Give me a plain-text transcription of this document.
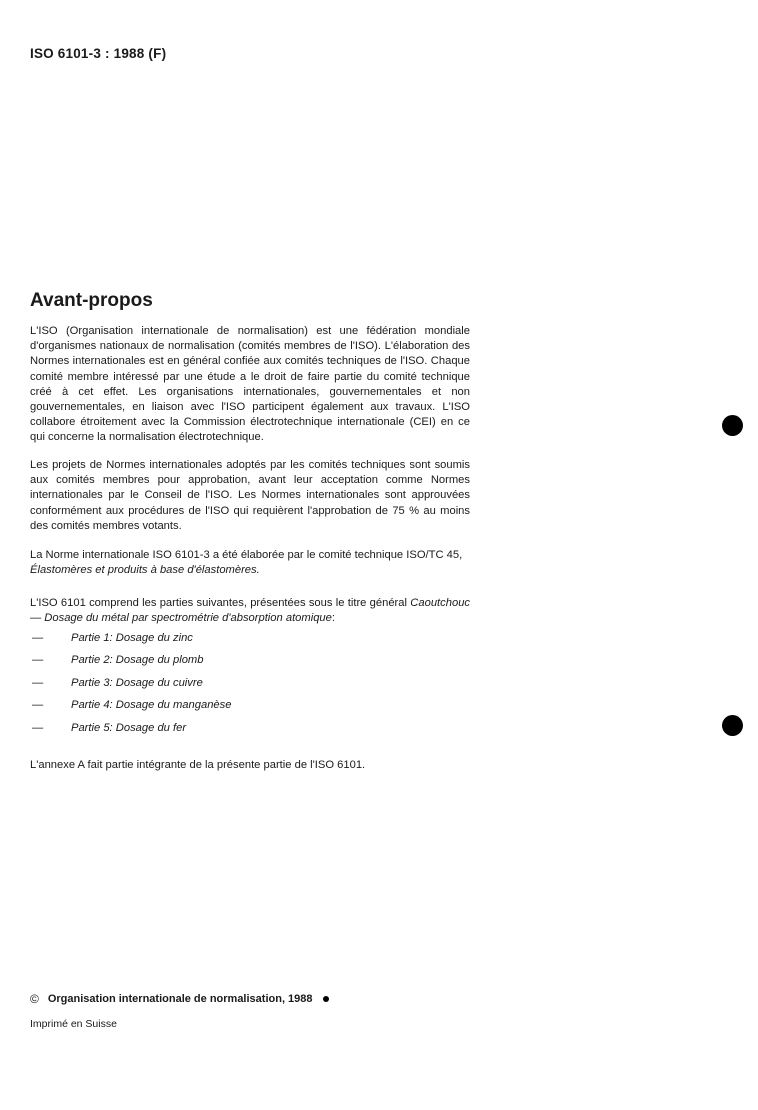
ISO 6101-3 : 1988 (F)
Avant-propos

L'ISO (Organisation internationale de normalisation) est une fédération mondiale d'organismes nationaux de normalisation (comités membres de l'ISO). L'élaboration des Normes internationales est en général confiée aux comités techniques de l'ISO. Chaque comité membre intéressé par une étude a le droit de faire partie du comité technique créé à cet effet. Les organisations internationales, gouvernementales et non gouvernementales, en liaison avec l'ISO participent également aux travaux. L'ISO collabore étroitement avec la Commission électrotechnique internationale (CEI) en ce qui concerne la normalisation électrotechnique.

Les projets de Normes internationales adoptés par les comités techniques sont soumis aux comités membres pour approbation, avant leur acceptation comme Normes internationales par le Conseil de l'ISO. Les Normes internationales sont approuvées conformément aux procédures de l'ISO qui requièrent l'approbation de 75 % au moins des comités membres votants.

La Norme internationale ISO 6101-3 a été élaborée par le comité technique ISO/TC 45,
Élastomères et produits à base d'élastomères.

L'ISO 6101 comprend les parties suivantes, présentées sous le titre général Caoutchouc — Dosage du métal par spectrométrie d'absorption atomique:

—	Partie 1: Dosage du zinc
—	Partie 2: Dosage du plomb
—	Partie 3: Dosage du cuivre
—	Partie 4: Dosage du manganèse
—	Partie 5: Dosage du fer

L'annexe A fait partie intégrante de la présente partie de l'ISO 6101.

© Organisation internationale de normalisation, 1988
Imprimé en Suisse
